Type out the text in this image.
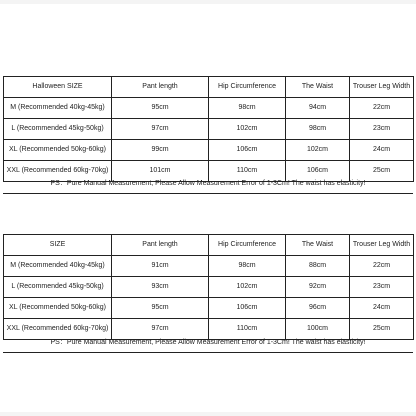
Halloween SIZE	Pant length	Hip Circumference	The Waist	Trouser Leg Width
M (Recommended 40kg-45kg)	95cm	98cm	94cm	22cm
L (Recommended 45kg-50kg)	97cm	102cm	98cm	23cm
XL (Recommended 50kg-60kg)	99cm	106cm	102cm	24cm
XXL (Recommended 60kg-70kg)	101cm	110cm	106cm	25cm
PS：Pure Manual Measurement, Please Allow Measurement Error of 1-3Cm! The waist has elasticity!
SIZE	Pant length	Hip Circumference	The Waist	Trouser Leg Width
M (Recommended 40kg-45kg)	91cm	98cm	88cm	22cm
L (Recommended 45kg-50kg)	93cm	102cm	92cm	23cm
XL (Recommended 50kg-60kg)	95cm	106cm	96cm	24cm
XXL (Recommended 60kg-70kg)	97cm	110cm	100cm	25cm
PS：Pure Manual Measurement, Please Allow Measurement Error of 1-3Cm! The waist has elasticity!
